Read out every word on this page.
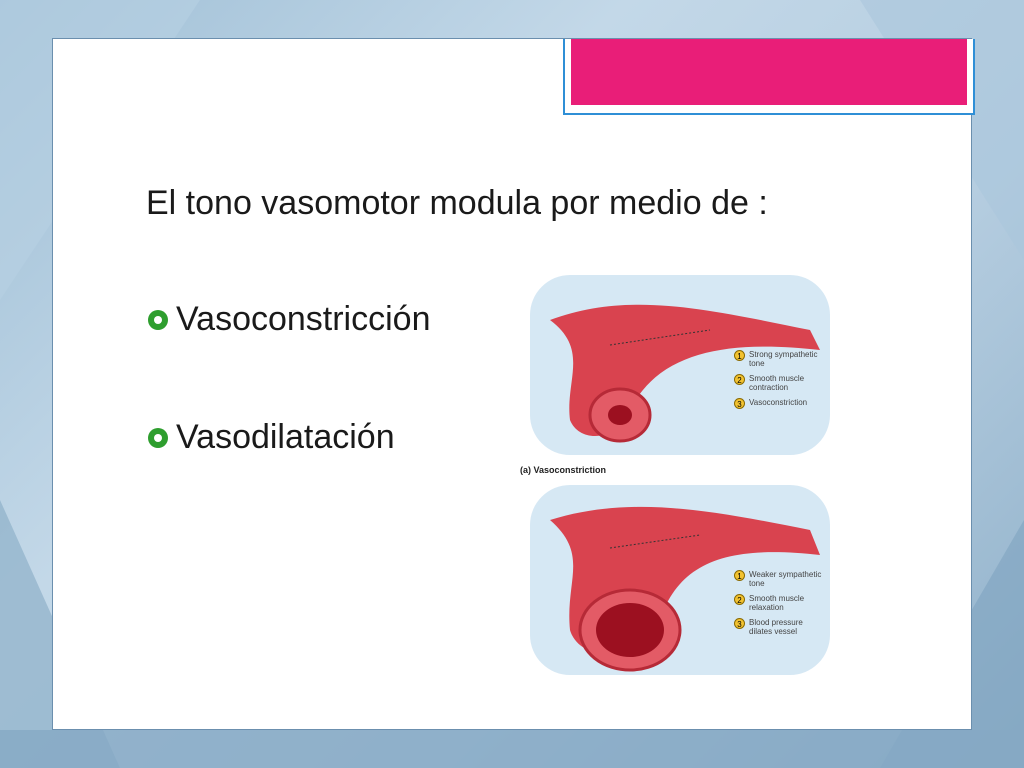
El tono vasomotor modula por medio de :
Vasoconstricción
Vasodilatación
(a) Vasoconstriction
1 Strong sympathetic tone
2 Smooth muscle contraction
3 Vasoconstriction
1 Weaker sympathetic tone
2 Smooth muscle relaxation
3 Blood pressure dilates vessel
